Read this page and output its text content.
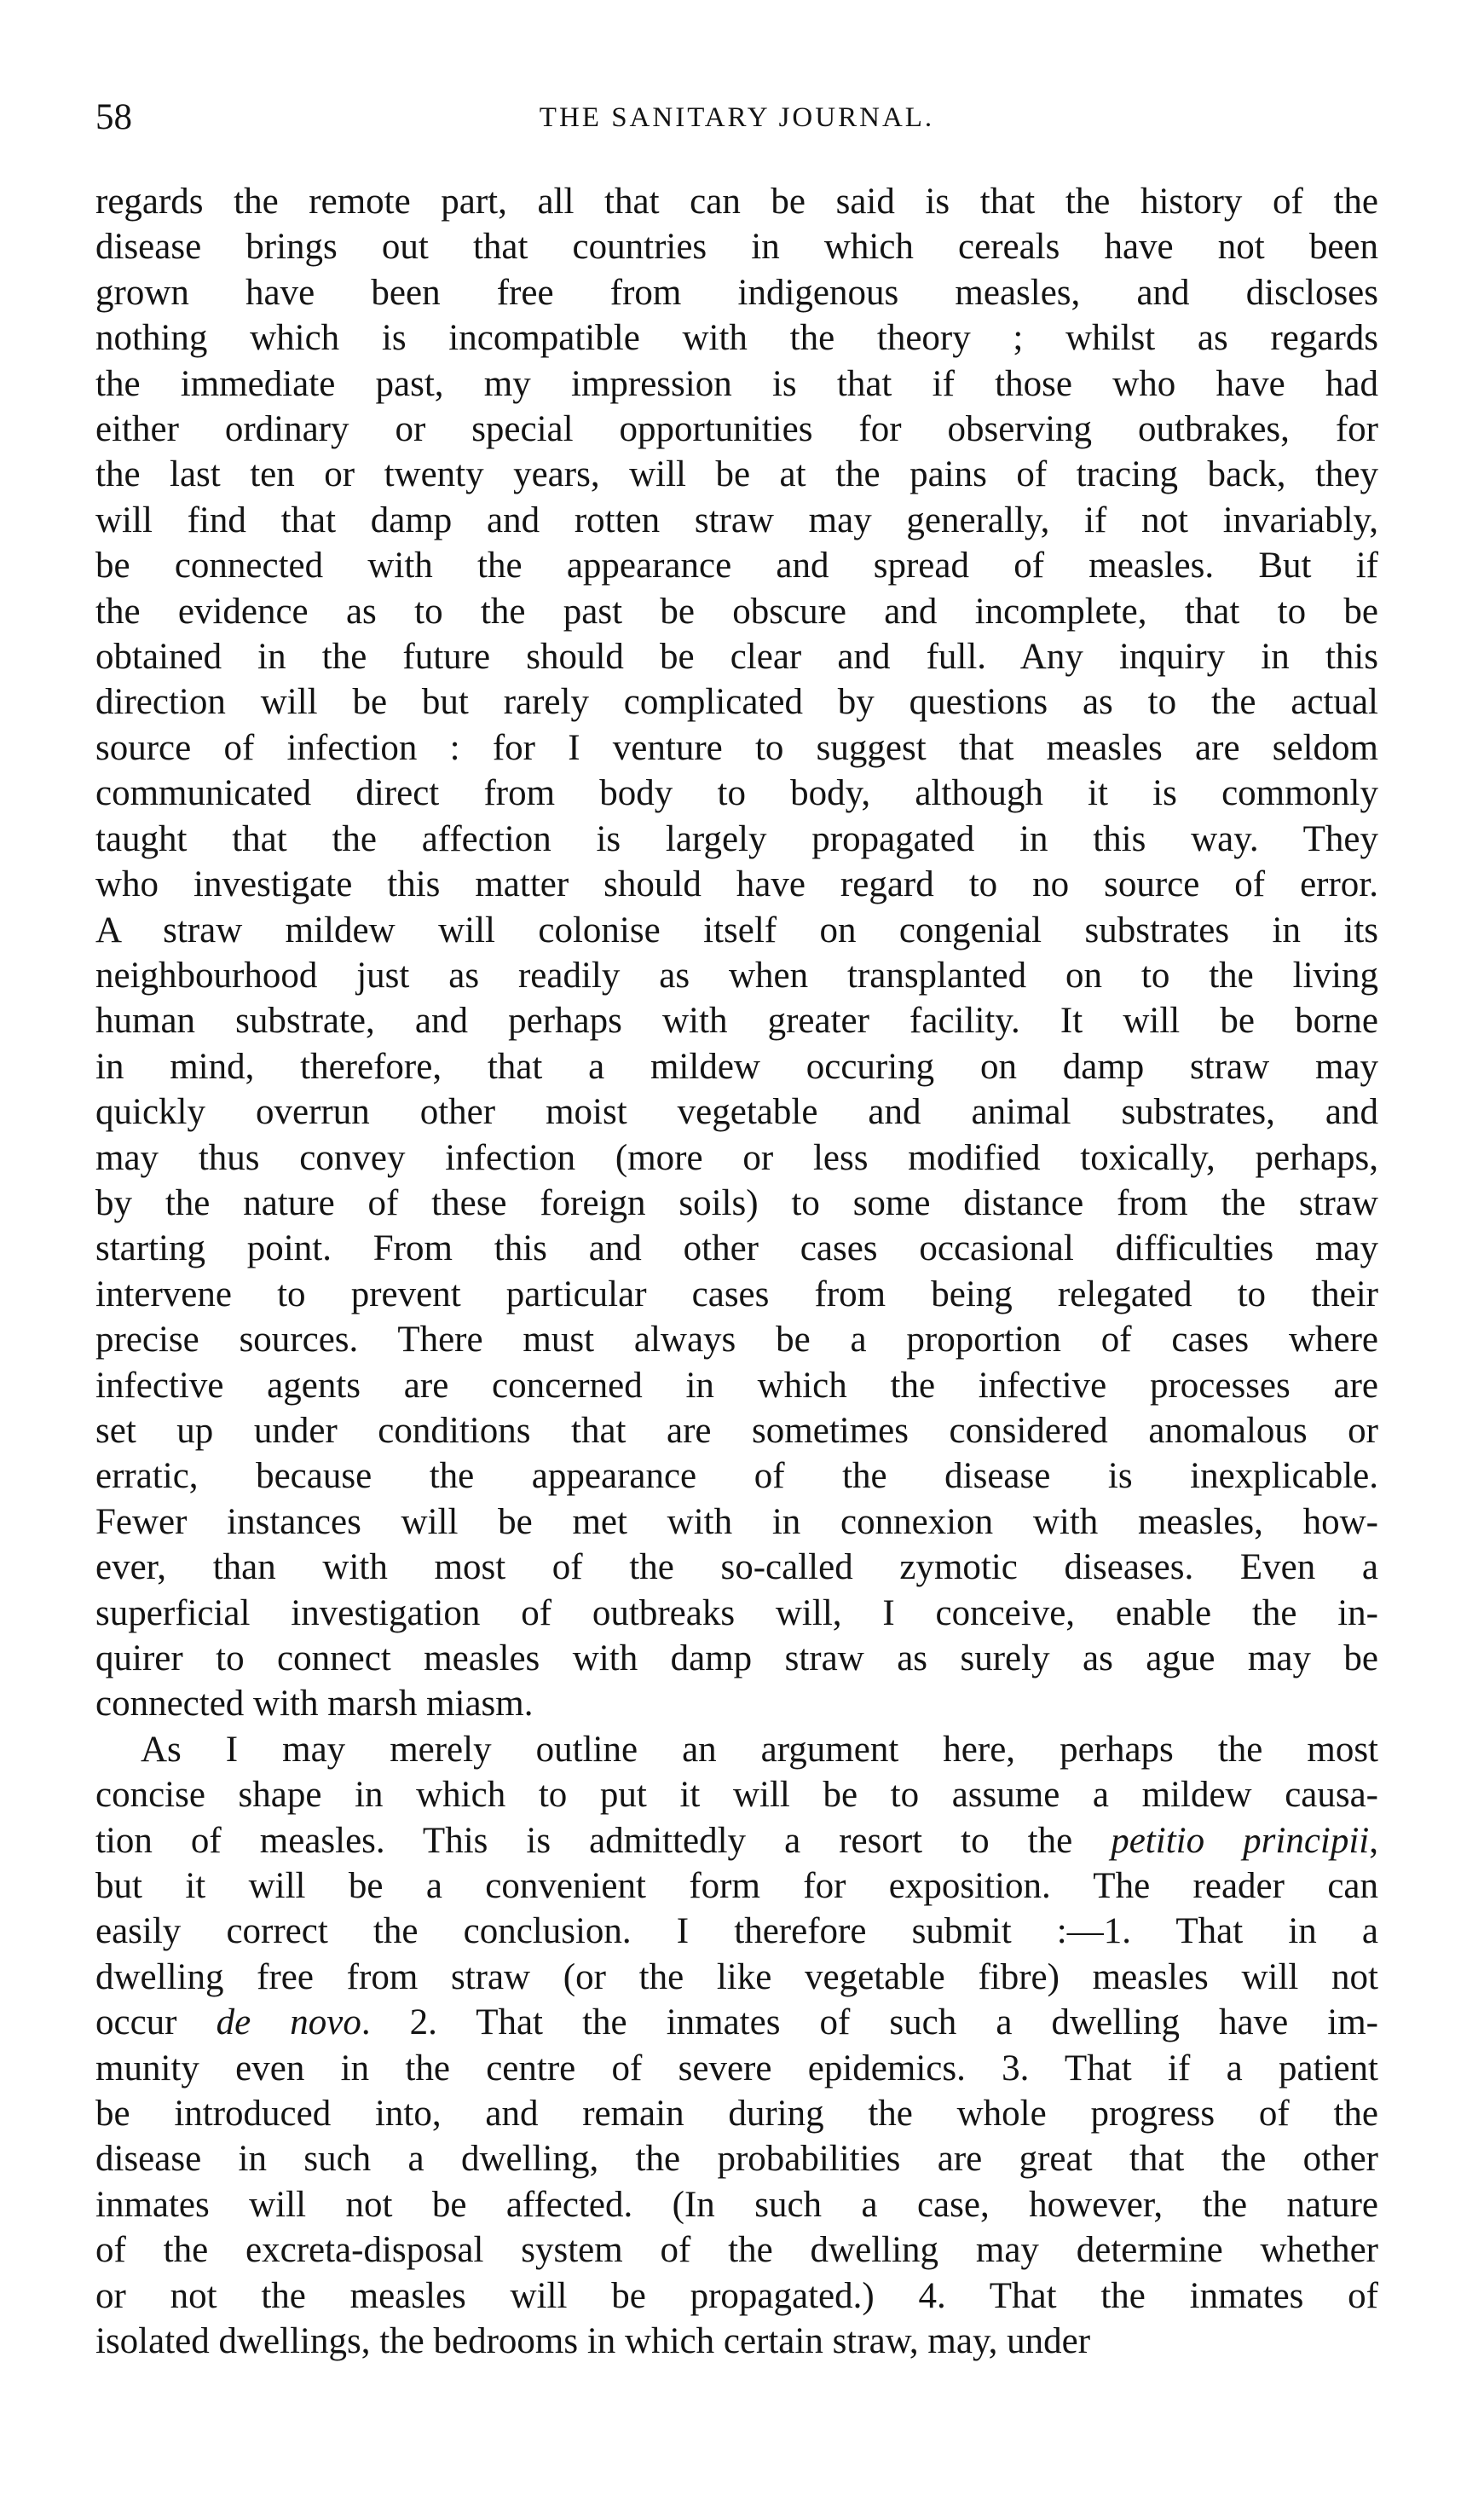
58	THE SANITARY JOURNAL.
regards the remote part, all that can be said is that the history of the
disease brings out that countries in which cereals have not been
grown have been free from indigenous measles, and discloses
nothing which is incompatible with the theory ; whilst as regards
the immediate past, my impression is that if those who have had
either ordinary or special opportunities for observing outbrakes, for
the last ten or twenty years, will be at the pains of tracing back, they
will find that damp and rotten straw may generally, if not invariably,
be connected with the appearance and spread of measles. But if
the evidence as to the past be obscure and incomplete, that to be
obtained in the future should be clear and full. Any inquiry in this
direction will be but rarely complicated by questions as to the actual
source of infection : for I venture to suggest that measles are seldom
communicated direct from body to body, although it is commonly
taught that the affection is largely propagated in this way. They
who investigate this matter should have regard to no source of error.
A straw mildew will colonise itself on congenial substrates in its
neighbourhood just as readily as when transplanted on to the living
human substrate, and perhaps with greater facility. It will be borne
in mind, therefore, that a mildew occuring on damp straw may
quickly overrun other moist vegetable and animal substrates, and
may thus convey infection (more or less modified toxically, perhaps,
by the nature of these foreign soils) to some distance from the straw
starting point. From this and other cases occasional difficulties may
intervene to prevent particular cases from being relegated to their
precise sources. There must always be a proportion of cases where
infective agents are concerned in which the infective processes are
set up under conditions that are sometimes considered anomalous or
erratic, because the appearance of the disease is inexplicable.
Fewer instances will be met with in connexion with measles, how-
ever, than with most of the so-called zymotic diseases. Even a
superficial investigation of outbreaks will, I conceive, enable the in-
quirer to connect measles with damp straw as surely as ague may be
connected with marsh miasm.
As I may merely outline an argument here, perhaps the most
concise shape in which to put it will be to assume a mildew causa-
tion of measles. This is admittedly a resort to the petitio principii,
but it will be a convenient form for exposition. The reader can
easily correct the conclusion. I therefore submit :—1. That in a
dwelling free from straw (or the like vegetable fibre) measles will not
occur de novo. 2. That the inmates of such a dwelling have im-
munity even in the centre of severe epidemics. 3. That if a patient
be introduced into, and remain during the whole progress of the
disease in such a dwelling, the probabilities are great that the other
inmates will not be affected. (In such a case, however, the nature
of the excreta-disposal system of the dwelling may determine whether
or not the measles will be propagated.) 4. That the inmates of
isolated dwellings, the bedrooms in which certain straw, may, under
